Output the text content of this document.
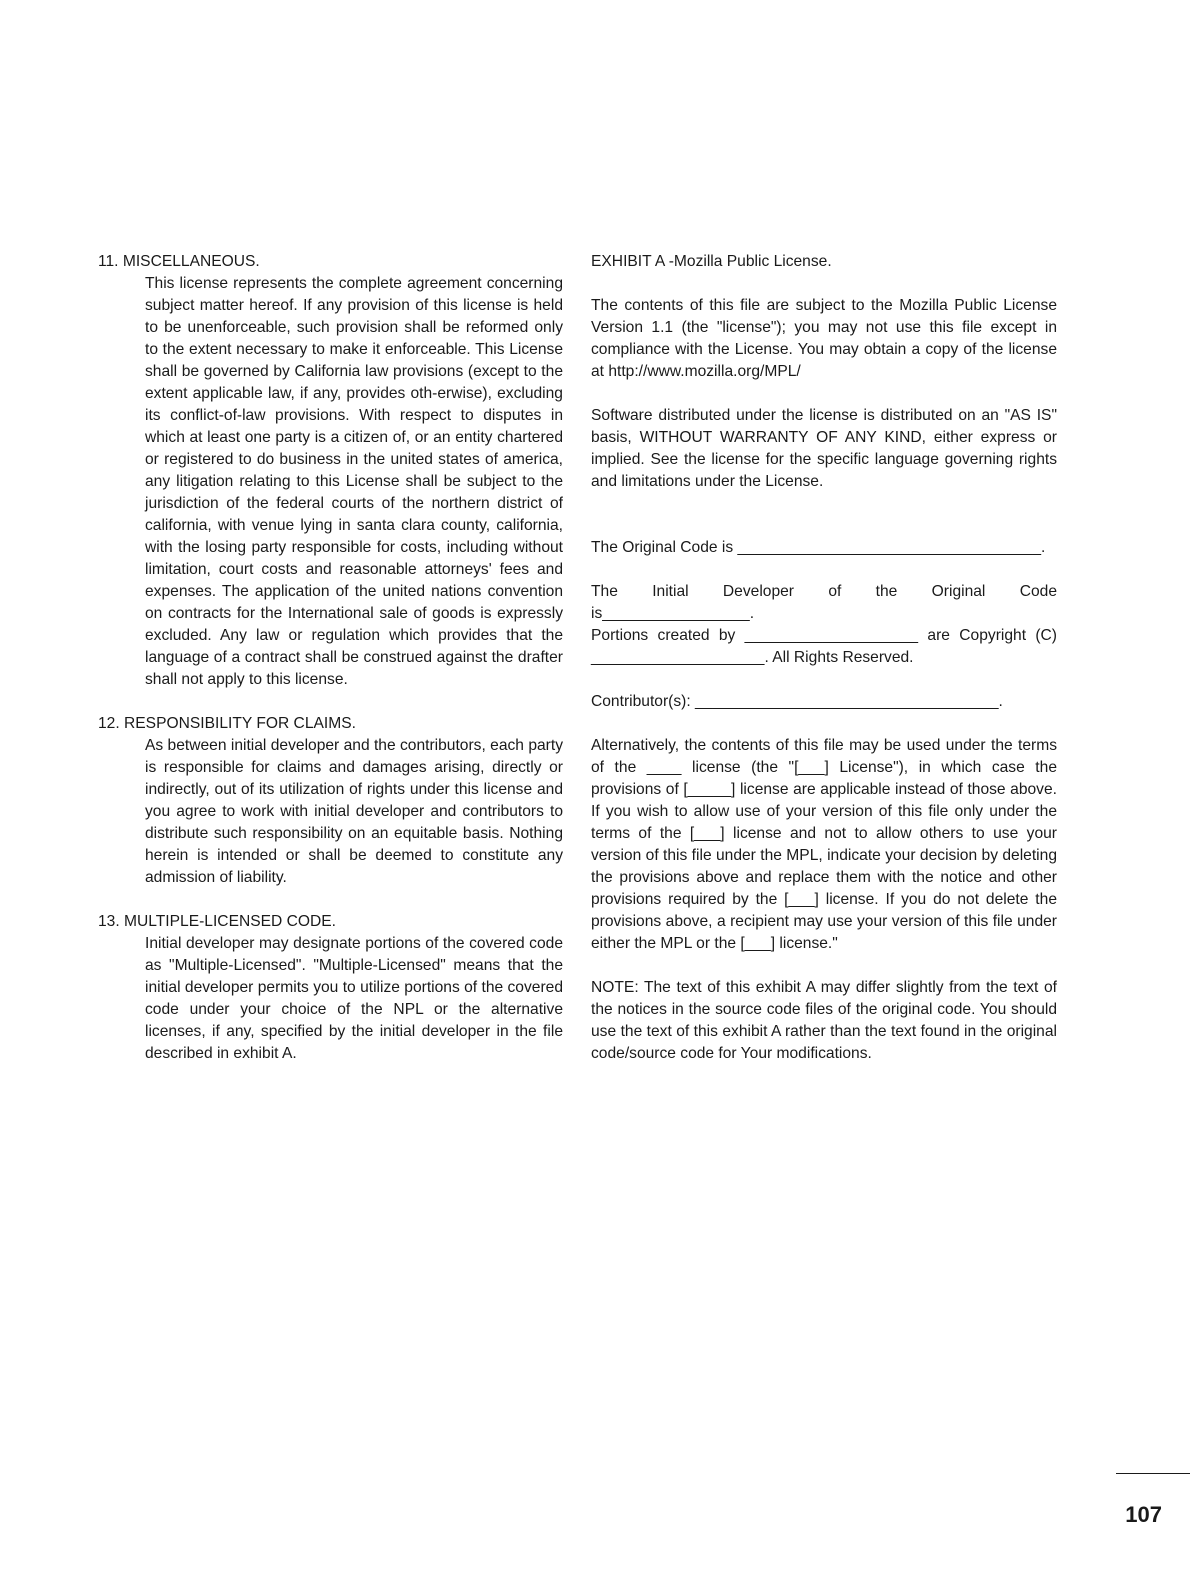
11. MISCELLANEOUS.

This license represents the complete agreement concerning subject matter hereof. If any provision of this license is held to be unenforceable, such provision shall be reformed only to the extent necessary to make it enforceable. This License shall be governed by California law provisions (except to the extent applicable law, if any, provides oth-erwise), excluding its conflict-of-law provisions. With respect to disputes in which at least one party is a citizen of, or an entity chartered or registered to do business in the united states of america, any litigation relating to this License shall be subject to the jurisdiction of the federal courts of the northern district of california, with venue lying in santa clara county, california, with the losing party responsible for costs, including without limitation, court costs and reasonable attorneys' fees and expenses. The application of the united nations convention on contracts for the International sale of goods is expressly excluded. Any law or regulation which provides that the language of a contract shall be construed against the drafter shall not apply to this license.

12. RESPONSIBILITY FOR CLAIMS.

As between initial developer and the contributors, each party is responsible for claims and damages arising, directly or indirectly, out of its utilization of rights under this license and you agree to work with initial developer and contributors to distribute such responsibility on an equitable basis. Nothing herein is intended or shall be deemed to constitute any admission of liability.

13. MULTIPLE-LICENSED CODE.

Initial developer may designate portions of the covered code as "Multiple-Licensed". "Multiple-Licensed" means that the initial developer permits you to utilize portions of the covered code under your choice of the NPL or the alternative licenses, if any, specified by the initial developer in the file described in exhibit A.

EXHIBIT A -Mozilla Public License.

The contents of this file are subject to the Mozilla Public License Version 1.1 (the "license"); you may not use this file except in compliance with the License. You may obtain a copy of the license at http://www.mozilla.org/MPL/

Software distributed under the license is distributed on an "AS IS" basis, WITHOUT WARRANTY OF ANY KIND, either express or implied. See the license for the specific language governing rights and limitations under the License.

The Original Code is ___________________________________.

The Initial Developer of the Original Code

is_________________.

Portions created by ____________________ are Copyright (C)

____________________. All Rights Reserved.

Contributor(s): ___________________________________.

Alternatively, the contents of this file may be used under the terms of the ____ license (the "[___] License"), in which case the provisions of [_____] license are applicable instead of those above. If you wish to allow use of your version of this file only under the terms of the [___] license and not to allow others to use your version of this file under the MPL, indicate your decision by deleting the provisions above and replace them with the notice and other provisions required by the [___] license. If you do not delete the provisions above, a recipient may use your version of this file under either the MPL or the [___] license."

NOTE: The text of this exhibit A may differ slightly from the text of the notices in the source code files of the original code. You should use the text of this exhibit A rather than the text found in the original code/source code for Your modifications.

107
